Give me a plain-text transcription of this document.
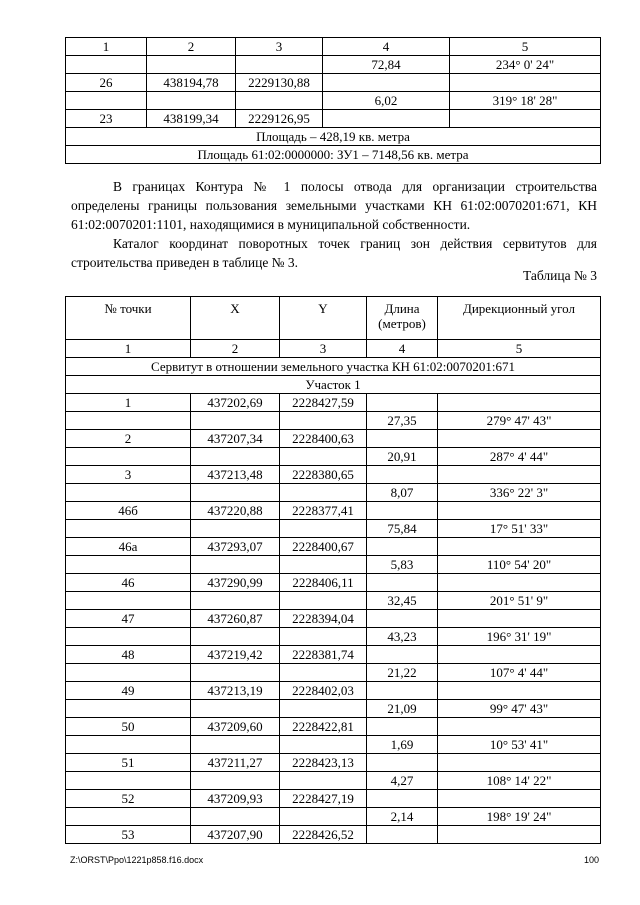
1	2	3	4	5
			72,84	234° 0' 24"
26	438194,78	2229130,88		
			6,02	319° 18' 28"
23	438199,34	2229126,95		
Площадь – 428,19 кв. метра				
Площадь 61:02:0000000: ЗУ1 – 7148,56 кв. метра				

В границах Контура № 1 полосы отвода для организации строительства определены границы пользования земельными участками КН 61:02:0070201:671, КН 61:02:0070201:1101, находящимися в муниципальной собственности.

Каталог координат поворотных точек границ зон действия сервитутов для строительства приведен в таблице № 3.

Таблица № 3
№ точки	X	Y	Длина (метров)	Дирекционный угол
1	2	3	4	5
Сервитут в отношении земельного участка КН 61:02:0070201:671				
Участок 1				
1	437202,69	2228427,59		
			27,35	279° 47' 43"
2	437207,34	2228400,63		
			20,91	287° 4' 44"
3	437213,48	2228380,65		
			8,07	336° 22' 3"
46б	437220,88	2228377,41		
			75,84	17° 51' 33"
46а	437293,07	2228400,67		
			5,83	110° 54' 20"
46	437290,99	2228406,11		
			32,45	201° 51' 9"
47	437260,87	2228394,04		
			43,23	196° 31' 19"
48	437219,42	2228381,74		
			21,22	107° 4' 44"
49	437213,19	2228402,03		
			21,09	99° 47' 43"
50	437209,60	2228422,81		
			1,69	10° 53' 41"
51	437211,27	2228423,13		
			4,27	108° 14' 22"
52	437209,93	2228427,19		
			2,14	198° 19' 24"
53	437207,90	2228426,52		
Z:\ORST\Ppo\1221p858.f16.docx	100
